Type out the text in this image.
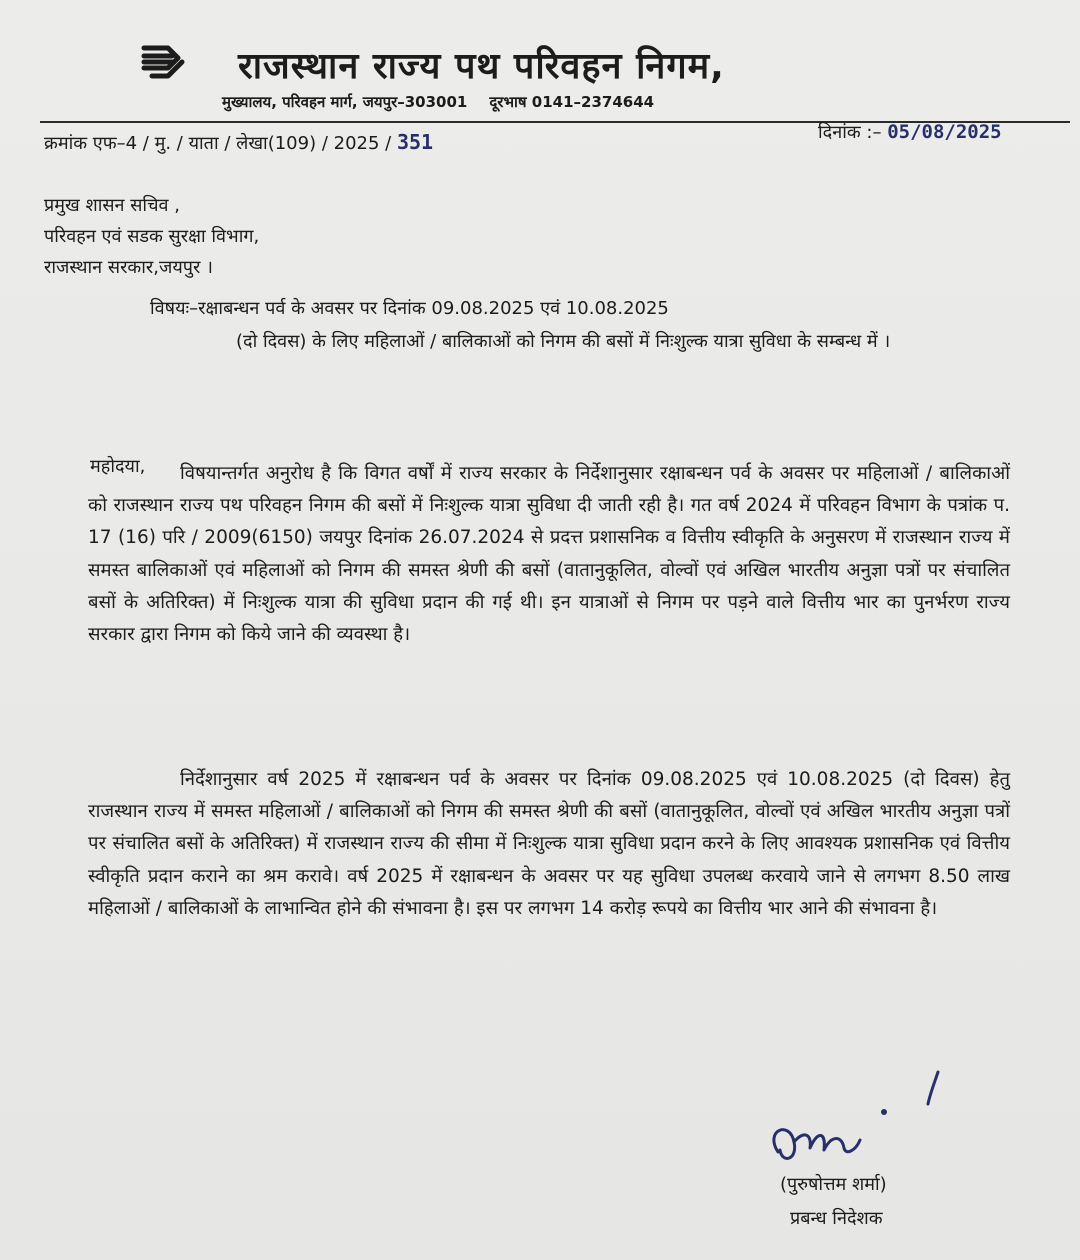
राजस्थान राज्य पथ परिवहन निगम,
मुख्यालय, परिवहन मार्ग, जयपुर–303001 दूरभाष 0141–2374644
क्रमांक एफ–4 / मु. / याता / लेखा(109) / 2025 / 351	दिनांक :– 05/08/2025
प्रमुख शासन सचिव ,
परिवहन एवं सडक सुरक्षा विभाग,
राजस्थान सरकार,जयपुर ।
विषयः–रक्षाबन्धन पर्व के अवसर पर दिनांक 09.08.2025 एवं 10.08.2025
(दो दिवस) के लिए महिलाओं / बालिकाओं को निगम की बसों में निःशुल्क यात्रा सुविधा के सम्बन्ध में ।
महोदया,	विषयान्तर्गत अनुरोध है कि विगत वर्षों में राज्य सरकार के निर्देशानुसार रक्षाबन्धन पर्व के अवसर पर महिलाओं / बालिकाओं को राजस्थान राज्य पथ परिवहन निगम की बसों में निःशुल्क यात्रा सुविधा दी जाती रही है। गत वर्ष 2024 में परिवहन विभाग के पत्रांक प. 17 (16) परि / 2009(6150) जयपुर दिनांक 26.07.2024 से प्रदत्त प्रशासनिक व वित्तीय स्वीकृति के अनुसरण में राजस्थान राज्य में समस्त बालिकाओं एवं महिलाओं को निगम की समस्त श्रेणी की बसों (वातानुकूलित, वोल्वों एवं अखिल भारतीय अनुज्ञा पत्रों पर संचालित बसों के अतिरिक्त) में निःशुल्क यात्रा की सुविधा प्रदान की गई थी। इन यात्राओं से निगम पर पड़ने वाले वित्तीय भार का पुनर्भरण राज्य सरकार द्वारा निगम को किये जाने की व्यवस्था है।
निर्देशानुसार वर्ष 2025 में रक्षाबन्धन पर्व के अवसर पर दिनांक 09.08.2025 एवं 10.08.2025 (दो दिवस) हेतु राजस्थान राज्य में समस्त महिलाओं / बालिकाओं को निगम की समस्त श्रेणी की बसों (वातानुकूलित, वोल्वों एवं अखिल भारतीय अनुज्ञा पत्रों पर संचालित बसों के अतिरिक्त) में राजस्थान राज्य की सीमा में निःशुल्क यात्रा सुविधा प्रदान करने के लिए आवश्यक प्रशासनिक एवं वित्तीय स्वीकृति प्रदान कराने का श्रम करावे। वर्ष 2025 में रक्षाबन्धन के अवसर पर यह सुविधा उपलब्ध करवाये जाने से लगभग 8.50 लाख महिलाओं / बालिकाओं के लाभान्वित होने की संभावना है। इस पर लगभग 14 करोड़ रूपये का वित्तीय भार आने की संभावना है।
(पुरुषोत्तम शर्मा)
प्रबन्ध निदेशक
